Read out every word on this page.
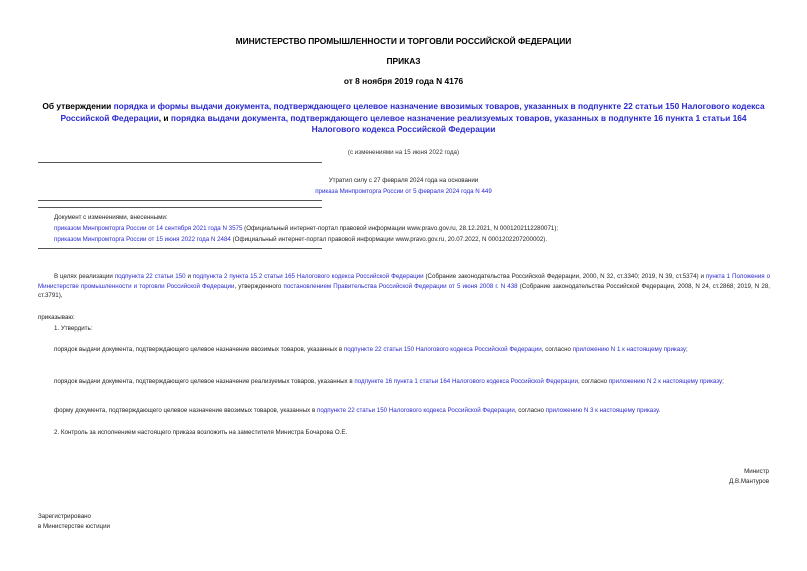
МИНИСТЕРСТВО ПРОМЫШЛЕННОСТИ И ТОРГОВЛИ РОССИЙСКОЙ ФЕДЕРАЦИИ
ПРИКАЗ
от 8 ноября 2019 года N 4176
Об утверждении порядка и формы выдачи документа, подтверждающего целевое назначение ввозимых товаров, указанных в подпункте 22 статьи 150 Налогового кодекса Российской Федерации, и порядка выдачи документа, подтверждающего целевое назначение реализуемых товаров, указанных в подпункте 16 пункта 1 статьи 164 Налогового кодекса Российской Федерации
(с изменениями на 15 июня 2022 года)
Утратил силу с 27 февраля 2024 года на основании
приказа Минпромторга России от 5 февраля 2024 года N 449
Документ с изменениями, внесенными:
приказом Минпромторга России от 14 сентября 2021 года N 3575 (Официальный интернет-портал правовой информации www.pravo.gov.ru, 28.12.2021, N 0001202112280071);
приказом Минпромторга России от 15 июня 2022 года N 2484 (Официальный интернет-портал правовой информации www.pravo.gov.ru, 20.07.2022, N 0001202207200002).
В целях реализации подпункта 22 статьи 150 и подпункта 2 пункта 15.2 статьи 165 Налогового кодекса Российской Федерации (Собрание законодательства Российской Федерации, 2000, N 32, ст.3340; 2019, N 39, ст.5374) и пункта 1 Положения о Министерстве промышленности и торговли Российской Федерации, утвержденного постановлением Правительства Российской Федерации от 5 июня 2008 г. N 438 (Собрание законодательства Российской Федерации, 2008, N 24, ст.2868; 2019, N 28, ст.3791),
приказываю:
1. Утвердить:
порядок выдачи документа, подтверждающего целевое назначение ввозимых товаров, указанных в подпункте 22 статьи 150 Налогового кодекса Российской Федерации, согласно приложению N 1 к настоящему приказу;
порядок выдачи документа, подтверждающего целевое назначение реализуемых товаров, указанных в подпункте 16 пункта 1 статьи 164 Налогового кодекса Российской Федерации, согласно приложению N 2 к настоящему приказу;
форму документа, подтверждающего целевое назначение ввозимых товаров, указанных в подпункте 22 статьи 150 Налогового кодекса Российской Федерации, согласно приложению N 3 к настоящему приказу.
2. Контроль за исполнением настоящего приказа возложить на заместителя Министра Бочарова О.Е.
Министр
Д.В.Мантуров
Зарегистрировано
в Министерстве юстиции
